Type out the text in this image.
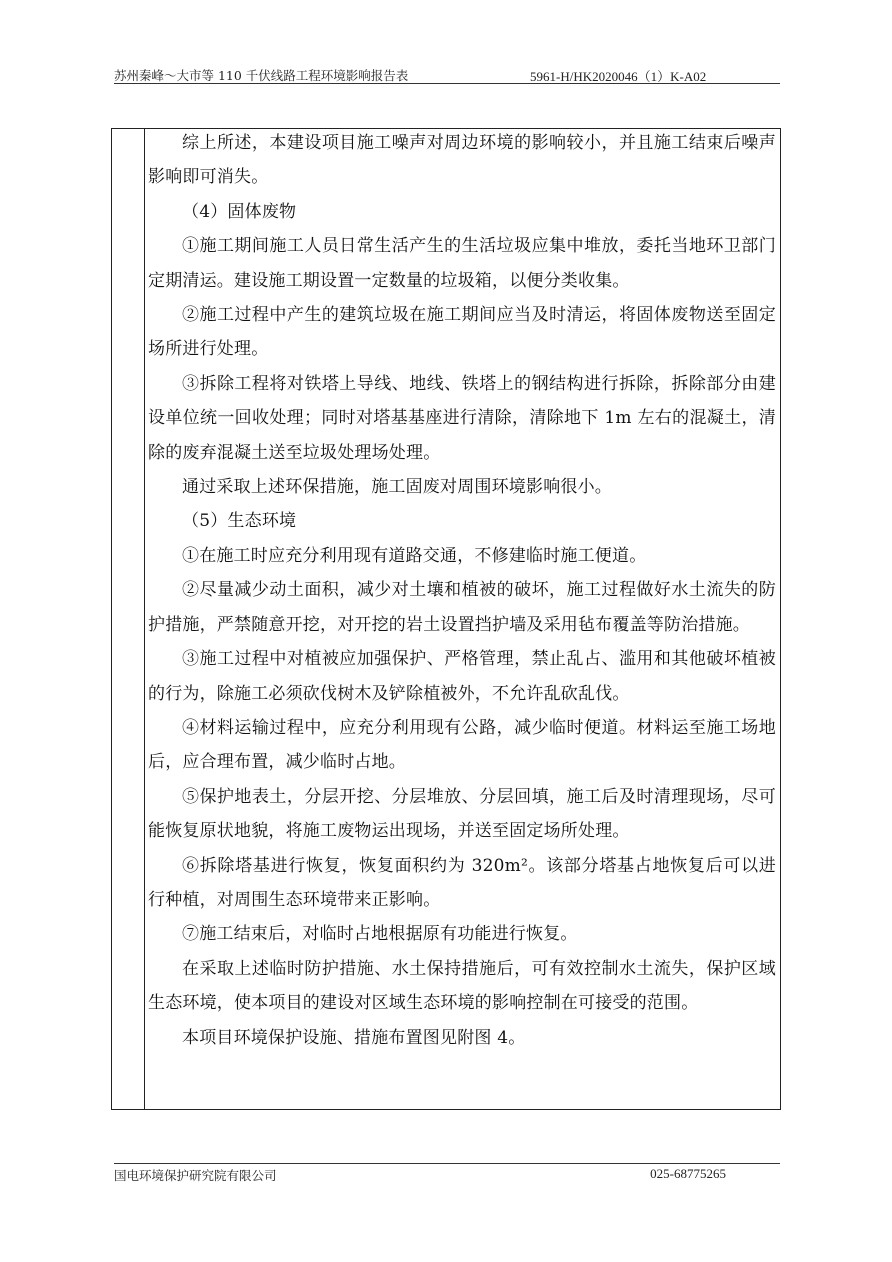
苏州秦峰～大市等 110 千伏线路工程环境影响报告表	5961-H/HK2020046（1）K-A02

综上所述，本建设项目施工噪声对周边环境的影响较小，并且施工结束后噪声影响即可消失。

（4）固体废物

①施工期间施工人员日常生活产生的生活垃圾应集中堆放，委托当地环卫部门定期清运。建设施工期设置一定数量的垃圾箱，以便分类收集。

②施工过程中产生的建筑垃圾在施工期间应当及时清运，将固体废物送至固定场所进行处理。

③拆除工程将对铁塔上导线、地线、铁塔上的钢结构进行拆除，拆除部分由建设单位统一回收处理；同时对塔基基座进行清除，清除地下 1m 左右的混凝土，清除的废弃混凝土送至垃圾处理场处理。

通过采取上述环保措施，施工固废对周围环境影响很小。

（5）生态环境

①在施工时应充分利用现有道路交通，不修建临时施工便道。

②尽量减少动土面积，减少对土壤和植被的破坏，施工过程做好水土流失的防护措施，严禁随意开挖，对开挖的岩土设置挡护墙及采用毡布覆盖等防治措施。

③施工过程中对植被应加强保护、严格管理，禁止乱占、滥用和其他破坏植被的行为，除施工必须砍伐树木及铲除植被外，不允许乱砍乱伐。

④材料运输过程中，应充分利用现有公路，减少临时便道。材料运至施工场地后，应合理布置，减少临时占地。

⑤保护地表土，分层开挖、分层堆放、分层回填，施工后及时清理现场，尽可能恢复原状地貌，将施工废物运出现场，并送至固定场所处理。

⑥拆除塔基进行恢复，恢复面积约为 320m²。该部分塔基占地恢复后可以进行种植，对周围生态环境带来正影响。

⑦施工结束后，对临时占地根据原有功能进行恢复。

在采取上述临时防护措施、水土保持措施后，可有效控制水土流失，保护区域生态环境，使本项目的建设对区域生态环境的影响控制在可接受的范围。

本项目环境保护设施、措施布置图见附图 4。

国电环境保护研究院有限公司	025-68775265
